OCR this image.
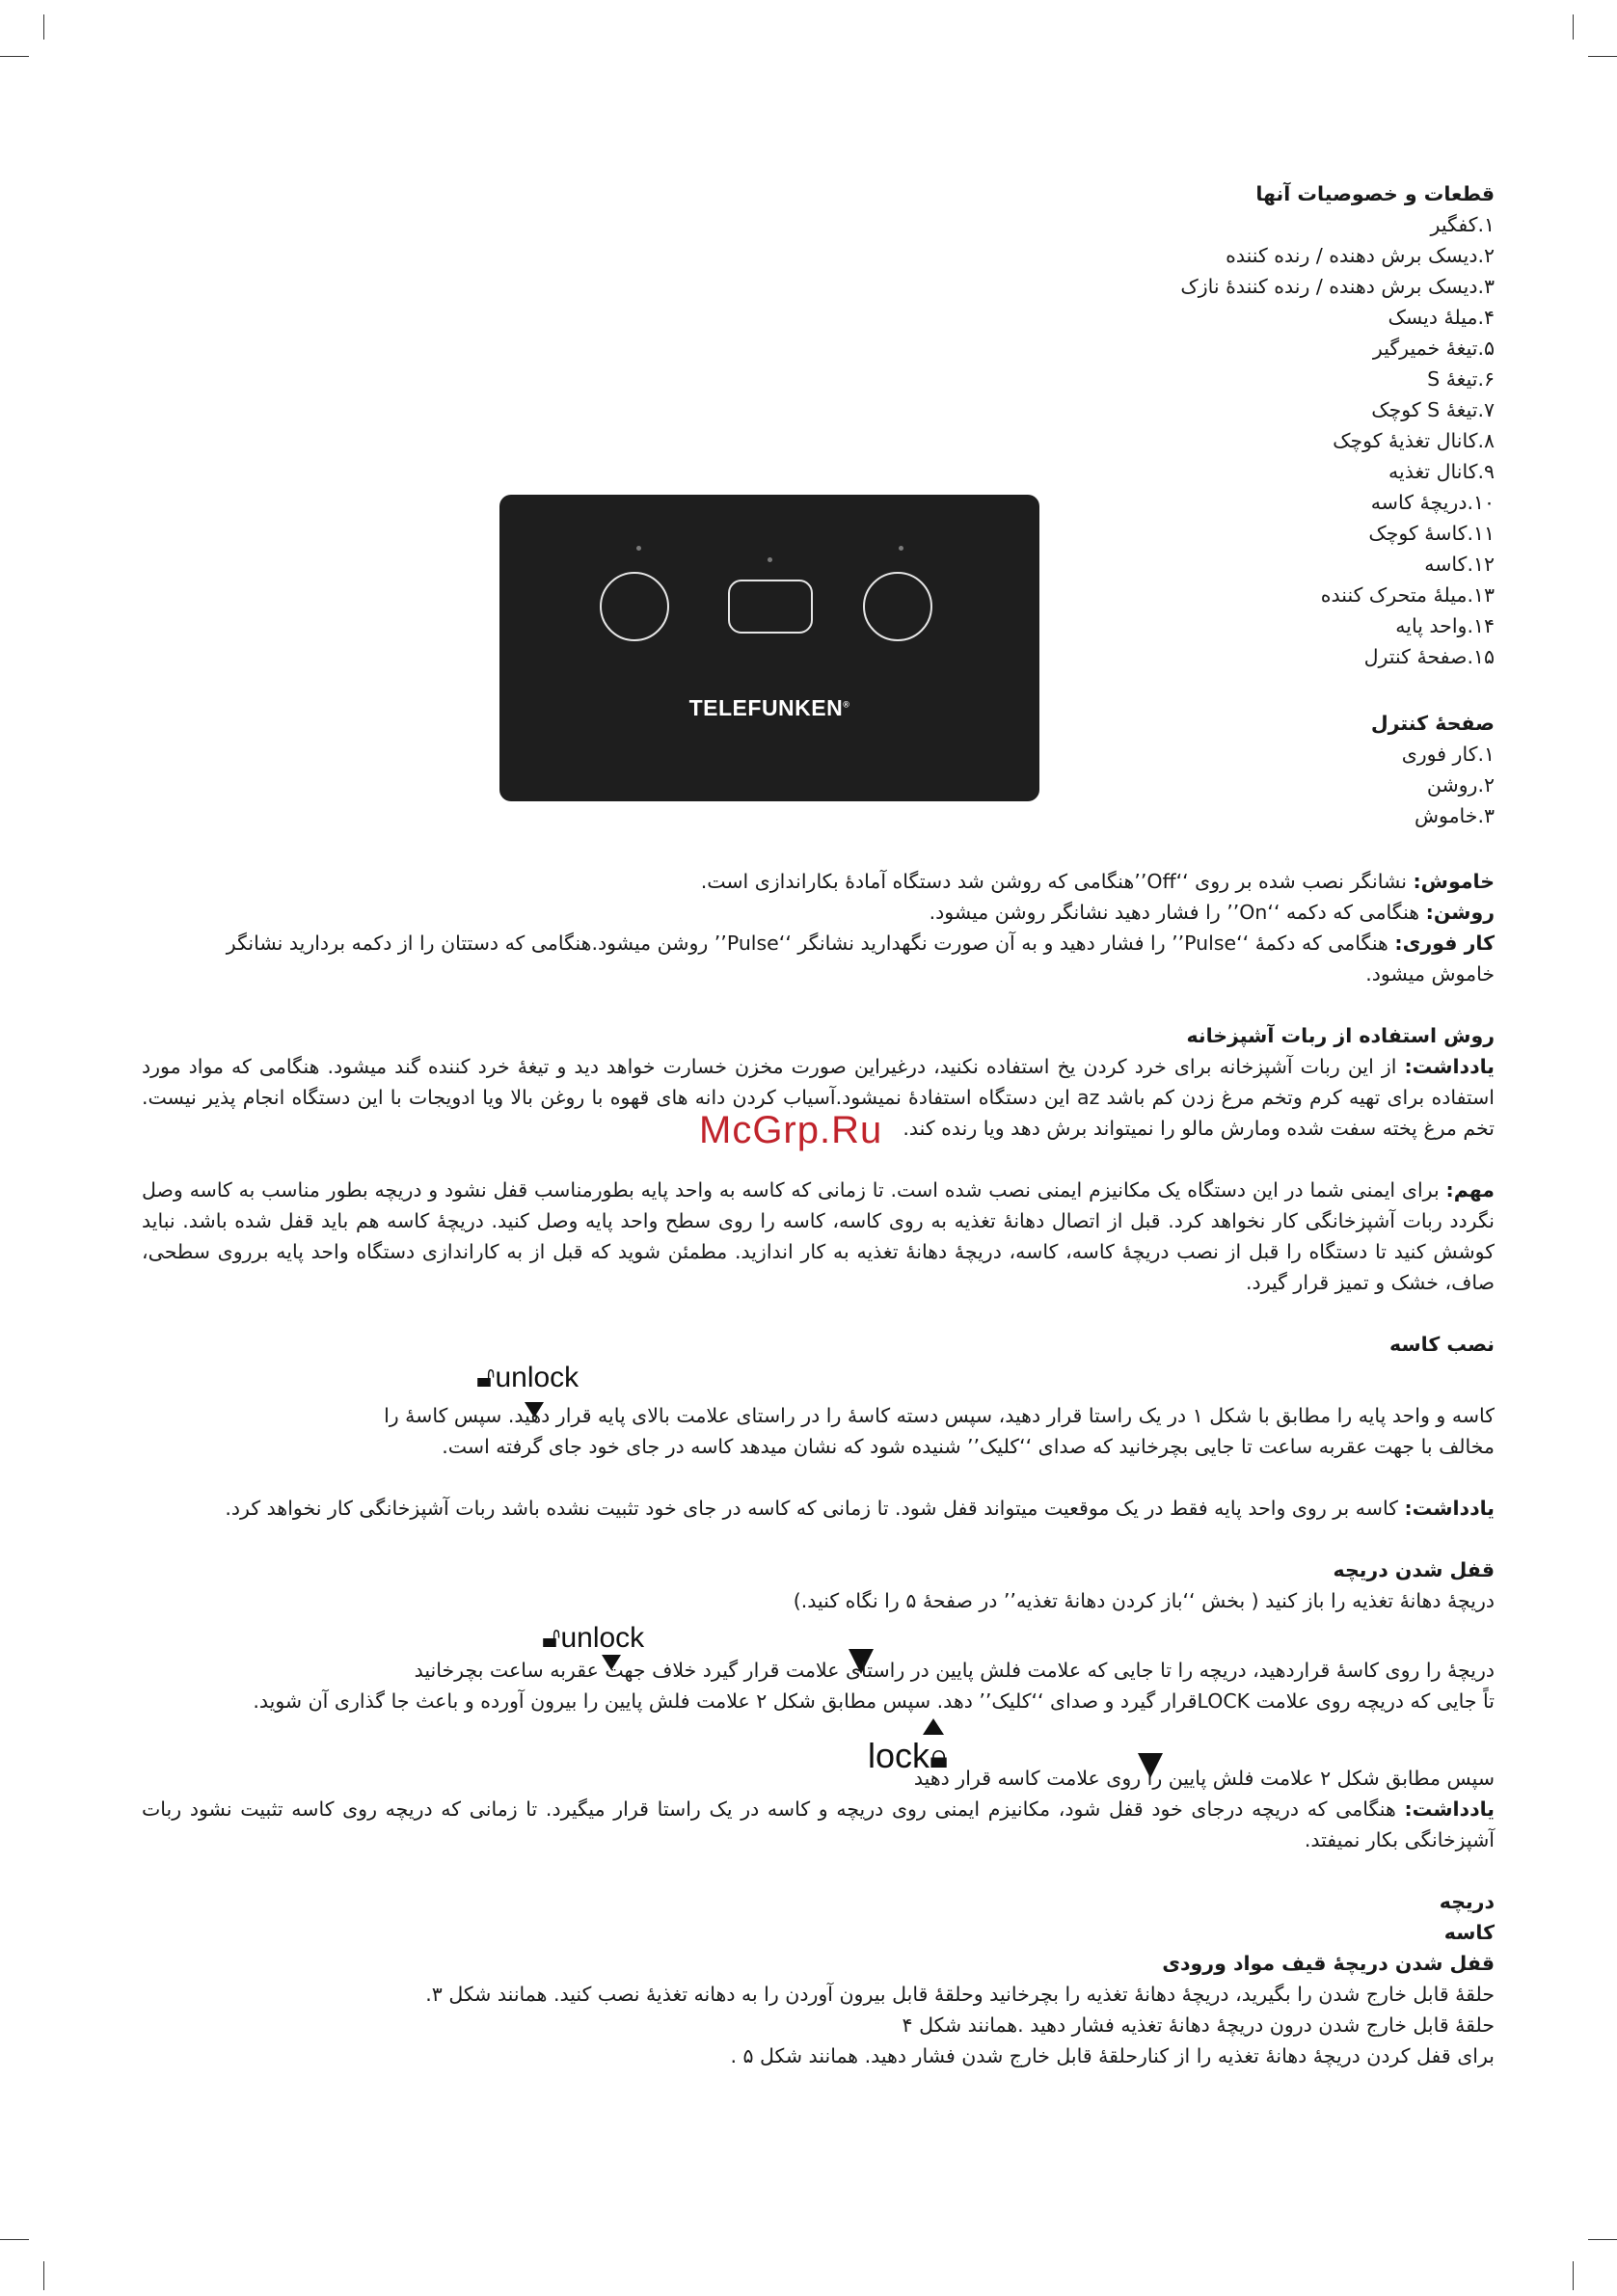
قطعات و خصوصیات آنها
۱.کفگیر
۲.دیسک برش دهنده / رنده کننده
۳.دیسک برش دهنده / رنده کنندهٔ نازک
۴.میلهٔ دیسک
۵.تیغهٔ خمیرگیر
۶.تیغهٔ S
۷.تیغهٔ S کوچک
۸.کانال تغذیهٔ کوچک
۹.کانال تغذیه
۱۰.دریچهٔ کاسه
۱۱.کاسهٔ کوچک
۱۲.کاسه
۱۳.میلهٔ متحرک کننده
۱۴.واحد پایه
۱۵.صفحهٔ کنترل
TELEFUNKEN®
صفحهٔ کنترل
۱.کار فوری
۲.روشن
۳.خاموش
خاموش: نشانگر نصب شده بر روی ‘‘Off’’هنگامی که روشن شد دستگاه آمادهٔ بکاراندازی است.
روشن: هنگامی که دکمه ‘‘On’’ را فشار دهید نشانگر روشن میشود.
کار فوری: هنگامی که دکمهٔ ‘‘Pulse’’ را فشار دهید و به آن صورت نگهدارید نشانگر ‘‘Pulse’’ روشن میشود.هنگامی که دستتان را از دکمه بردارید نشانگر
خاموش میشود.
روش استفاده از ربات آشپزخانه
یادداشت: از این ربات آشپزخانه برای خرد کردن یخ استفاده نکنید، درغیراین صورت مخزن خسارت خواهد دید و تیغهٔ خرد کننده گند میشود. هنگامی که مواد مورد استفاده برای تهیه کرم وتخم مرغ زدن کم باشد az این دستگاه استفادهٔ نمیشود.آسیاب کردن دانه های قهوه با روغن بالا ویا ادویجات با این دستگاه انجام پذیر نیست. تخم مرغ پخته سفت شده ومارش مالو را نمیتواند برش دهد ویا رنده کند.
McGrp.Ru
مهم: برای ایمنی شما در این دستگاه یک مکانیزم ایمنی نصب شده است. تا زمانی که کاسه به واحد پایه بطورمناسب قفل نشود و دریچه بطور مناسب به کاسه وصل نگردد ربات آشپزخانگی کار نخواهد کرد. قبل از اتصال دهانهٔ تغذیه به روی کاسه، کاسه را روی سطح واحد پایه وصل کنید. دریچهٔ کاسه هم باید قفل شده باشد. نباید کوشش کنید تا دستگاه را قبل از نصب دریچهٔ کاسه، کاسه، دریچهٔ دهانهٔ تغذیه به کار اندازید. مطمئن شوید که قبل از به کاراندازی دستگاه واحد پایه برروی سطحی، صاف، خشک و تمیز قرار گیرد.
نصب کاسه
🔓︎unlock
کاسه و واحد پایه را مطابق با شکل ۱ در یک راستا قرار دهید، سپس دسته کاسهٔ را در راستای علامت بالای پایه قرار دهید. سپس کاسهٔ را
مخالف با جهت عقربه ساعت تا جایی بچرخانید که صدای ‘‘کلیک’’ شنیده شود که نشان میدهد کاسه در جای خود جای گرفته است.
یادداشت: کاسه بر روی واحد پایه فقط در یک موقعیت میتواند قفل شود. تا زمانی که کاسه در جای خود تثبیت نشده باشد ربات آشپزخانگی کار نخواهد کرد.
قفل شدن دریچه
دریچهٔ دهانهٔ تغذیه را باز کنید ( بخش ‘‘باز کردن دهانهٔ تغذیه’’ در صفحهٔ ۵ را نگاه کنید.)
🔓︎unlock
دریچهٔ را روی کاسهٔ قراردهید، دریچه را تا جایی که علامت فلش پایین در راستای علامت قرار گیرد خلاف جهت عقربه ساعت بچرخانید
تاً جایی که دریچه روی علامت LOCKقرار گیرد و صدای ‘‘کلیک’’ دهد. سپس مطابق شکل ۲ علامت فلش پایین را بیرون آورده و باعث جا گذاری آن شوید.
lock🔒︎
سپس مطابق شکل ۲ علامت فلش پایین را روی علامت کاسه قرار دهید
یادداشت: هنگامی که دریچه درجای خود قفل شود، مکانیزم ایمنی روی دریچه و کاسه در یک راستا قرار میگیرد. تا زمانی که دریچه روی کاسه تثبیت نشود ربات آشپزخانگی بکار نمیفتد.
دریچه
کاسه
قفل شدن دریچهٔ قیف مواد ورودی
حلقهٔ قابل خارج شدن را بگیرید، دریچهٔ دهانهٔ تغذیه را بچرخانید وحلقهٔ قابل بیرون آوردن را به دهانه تغذیهٔ نصب کنید. همانند شکل ۳.
حلقهٔ قابل خارج شدن درون دریچهٔ دهانهٔ تغذیه فشار دهید .همانند شکل ۴
برای قفل کردن دریچهٔ دهانهٔ تغذیه را از کنارحلقهٔ قابل خارج شدن فشار دهید. همانند شکل ۵ .
